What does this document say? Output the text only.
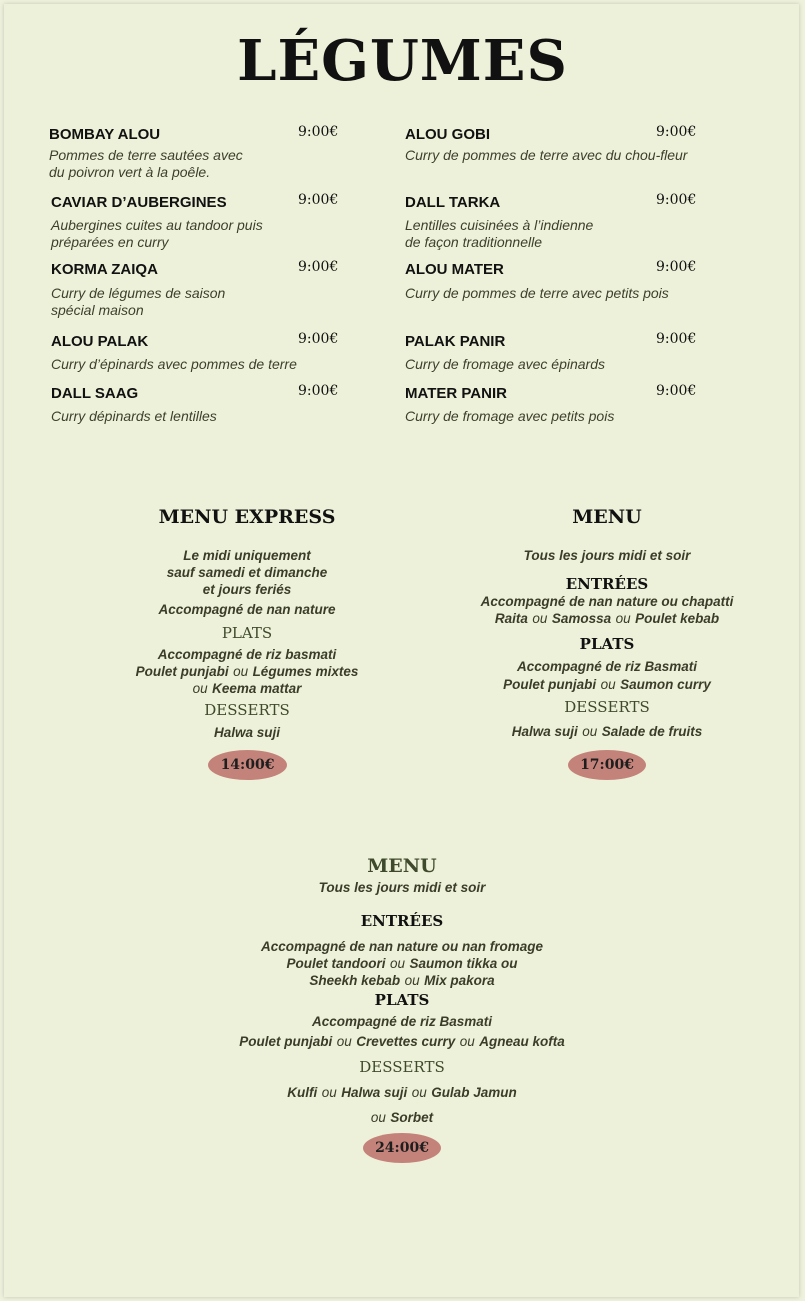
LÉGUMES
BOMBAY ALOU	9:00€
Pommes de terre sautées avec
du poivron vert à la poêle.
CAVIAR D’AUBERGINES	9:00€
Aubergines cuites au tandoor puis
préparées en curry
KORMA ZAIQA	9:00€
Curry de légumes de saison
spécial maison
ALOU PALAK	9:00€
Curry d’épinards avec pommes de terre
DALL SAAG	9:00€
Curry dépinards et lentilles
ALOU GOBI	9:00€
Curry de pommes de terre avec du chou-fleur
DALL TARKA	9:00€
Lentilles cuisinées à l’indienne
de façon traditionnelle
ALOU MATER	9:00€
Curry de pommes de terre avec petits pois
PALAK PANIR	9:00€
Curry de fromage avec épinards
MATER PANIR	9:00€
Curry de fromage avec petits pois
MENU EXPRESS
Le midi uniquement
sauf samedi et dimanche
et jours feriés
Accompagné de nan nature
PLATS
Accompagné de riz basmati
Poulet punjabi ou Légumes mixtes
ou Keema mattar
DESSERTS
Halwa suji
14:00€
MENU
Tous les jours midi et soir
ENTRÉES
Accompagné de nan nature ou chapatti
Raita ou Samossa ou Poulet kebab
PLATS
Accompagné de riz Basmati
Poulet punjabi ou Saumon curry
DESSERTS
Halwa suji ou Salade de fruits
17:00€
MENU
Tous les jours midi et soir
ENTRÉES
Accompagné de nan nature ou nan fromage
Poulet tandoori ou Saumon tikka ou
Sheekh kebab ou Mix pakora
PLATS
Accompagné de riz Basmati
Poulet punjabi ou Crevettes curry ou Agneau kofta
DESSERTS
Kulfi ou Halwa suji ou Gulab Jamun
ou Sorbet
24:00€
